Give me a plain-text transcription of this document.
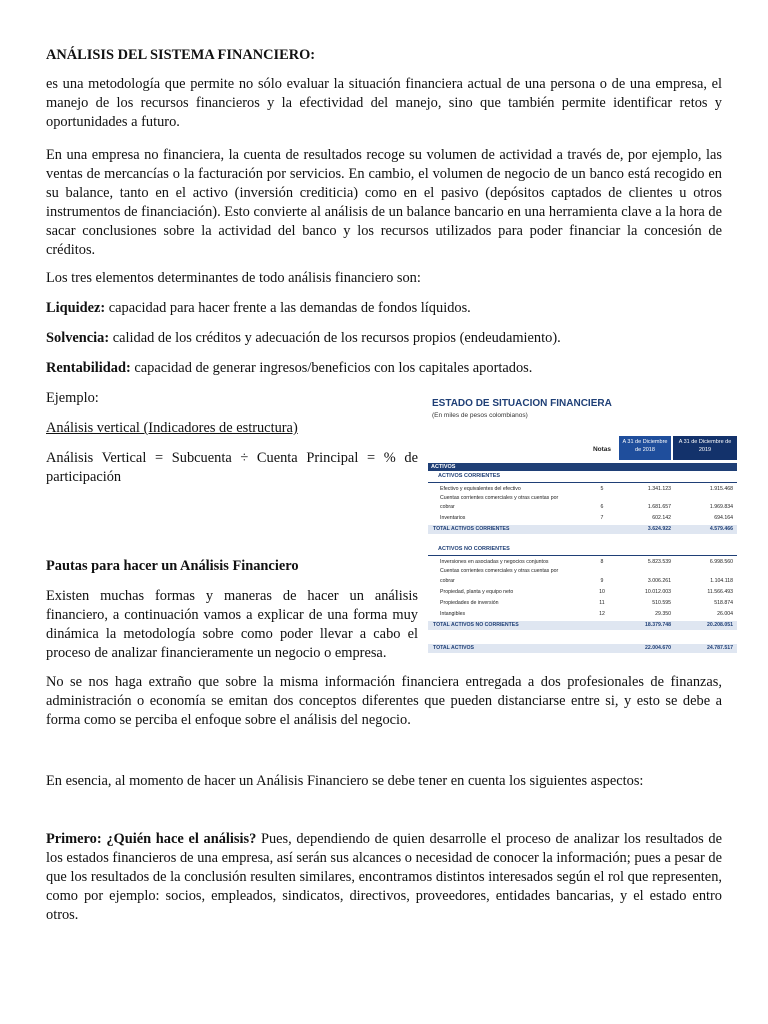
ANÁLISIS DEL SISTEMA FINANCIERO:

es una metodología que permite no sólo evaluar la situación financiera actual de una persona o de una empresa, el manejo de los recursos financieros y la efectividad del manejo, sino que también permite identificar retos y oportunidades a futuro.

En una empresa no financiera, la cuenta de resultados recoge su volumen de actividad a través de, por ejemplo, las ventas de mercancías o la facturación por servicios. En cambio, el volumen de negocio de un banco está recogido en su balance, tanto en el activo (inversión crediticia) como en el pasivo (depósitos captados de clientes u otros instrumentos de financiación). Esto convierte al análisis de un balance bancario en una herramienta clave a la hora de sacar conclusiones sobre la actividad del banco y los recursos utilizados para poder financiar la concesión de créditos.

Los tres elementos determinantes de todo análisis financiero son:

Liquidez: capacidad para hacer frente a las demandas de fondos líquidos.

Solvencia: calidad de los créditos y adecuación de los recursos propios (endeudamiento).

Rentabilidad: capacidad de generar ingresos/beneficios con los capitales aportados.

Ejemplo:

Análisis vertical (Indicadores de estructura)

Análisis Vertical = Subcuenta ÷ Cuenta Principal = % de participación

Pautas para hacer un Análisis Financiero

Existen muchas formas y maneras de hacer un análisis financiero, a continuación vamos a explicar de una forma muy dinámica la metodología sobre como poder llevar a cabo el proceso de analizar financieramente un negocio o empresa.

No se nos haga extraño que sobre la misma información financiera entregada a dos profesionales de finanzas, administración o economía se emitan dos conceptos diferentes que pueden distanciarse entre si, y esto se debe a forma como se perciba el enfoque sobre el análisis del negocio.

En esencia, al momento de hacer un Análisis Financiero se debe tener en cuenta los siguientes aspectos:

Primero: ¿Quién hace el análisis? Pues, dependiendo de quien desarrolle el proceso de analizar los resultados de los estados financieros de una empresa, así serán sus alcances o necesidad de conocer la información; pues a pesar de que los resultados de la conclusión resulten similares, encontramos distintos interesados según el rol que representen, como por ejemplo: socios, empleados, sindicatos, directivos, proveedores, entidades bancarias, y el estado entro otros.

ESTADO DE SITUACION FINANCIERA
(En miles de pesos colombianos)
Notas
A 31 de Diciembre de 2018
A 31 de Diciembre de 2019
ACTIVOS
ACTIVOS CORRIENTES
Efectivo y equivalentes del efectivo	5	1.341.123	1.915.468
Cuentas corrientes comerciales y otras cuentas por
cobrar	6	1.681.657	1.969.834
Inventarios	7	602.142	694.164
TOTAL ACTIVOS CORRIENTES	3.624.922	4.579.466
ACTIVOS NO CORRIENTES
Inversiones en asociadas y negocios conjuntos	8	5.823.539	6.998.560
Cuentas corrientes comerciales y otras cuentas por
cobrar	9	3.006.261	1.104.118
Propiedad, planta y equipo neto	10	10.012.003	11.566.493
Propiedades de inversión	11	510.595	518.874
Intangibles	12	29.350	26.004
TOTAL ACTIVOS NO CORRIENTES	18.379.748	20.208.051
TOTAL ACTIVOS	22.004.670	24.787.517
